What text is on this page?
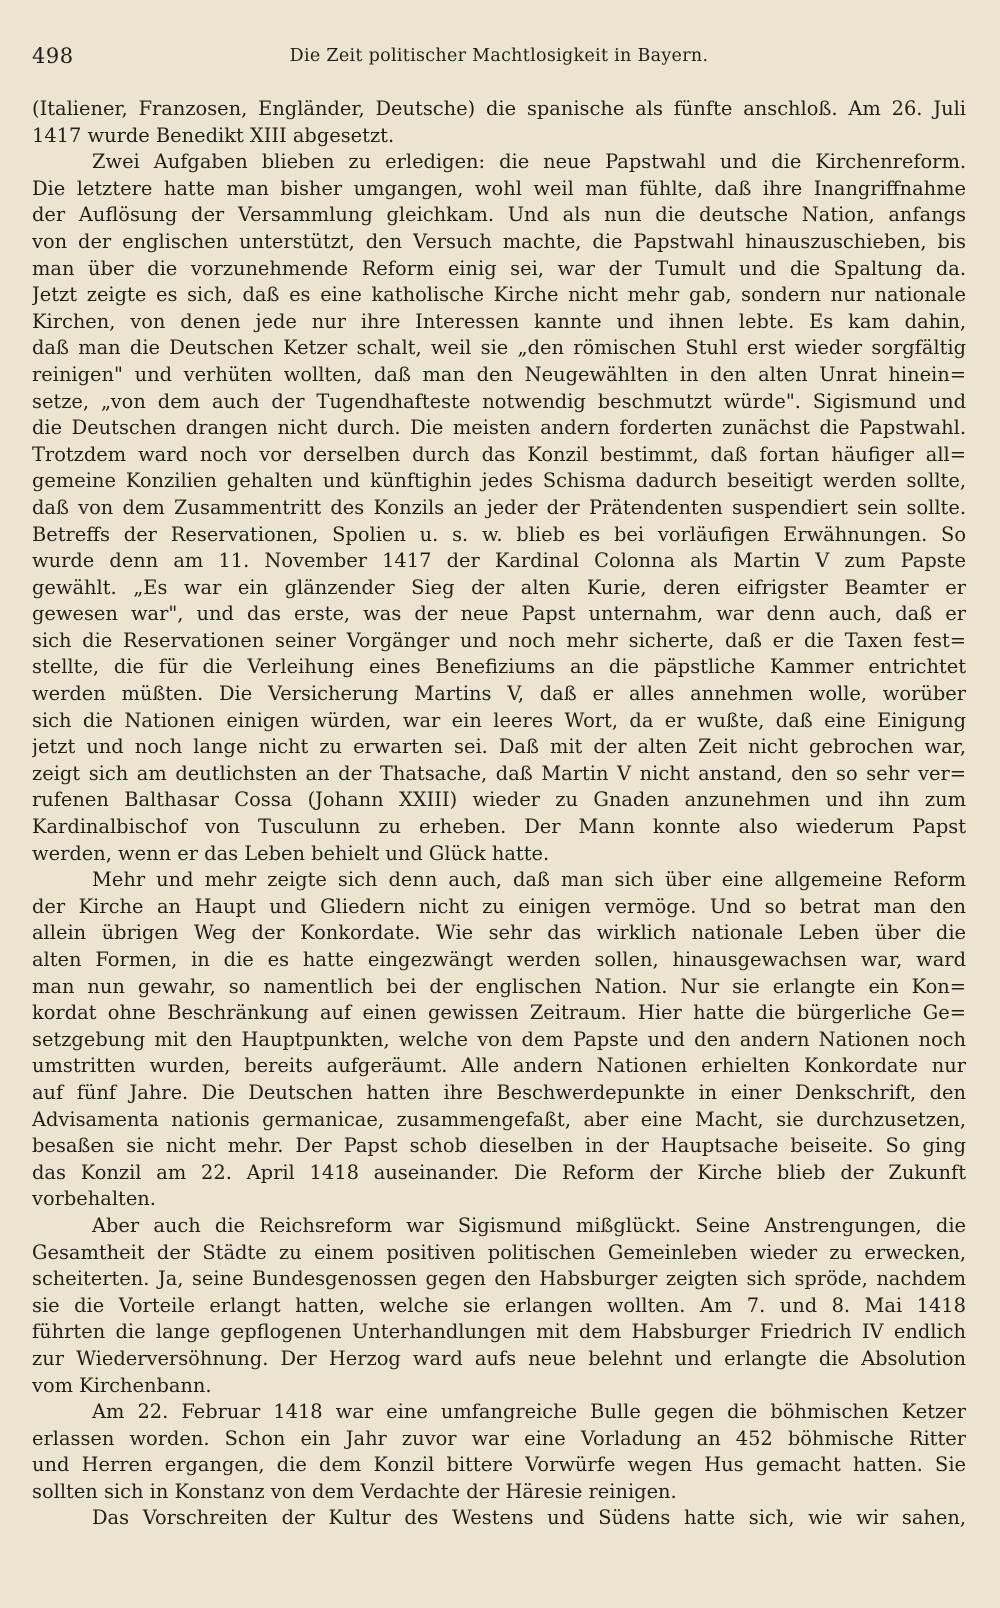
498	Die Zeit politischer Machtlosigkeit in Bayern.
(Italiener, Franzosen, Engländer, Deutsche) die spanische als fünfte anschloß. Am 26. Juli
1417 wurde Benedikt XIII abgesetzt.
Zwei Aufgaben blieben zu erledigen: die neue Papstwahl und die Kirchenreform.
Die letztere hatte man bisher umgangen, wohl weil man fühlte, daß ihre Inangriffnahme
der Auflösung der Versammlung gleichkam. Und als nun die deutsche Nation, anfangs
von der englischen unterstützt, den Versuch machte, die Papstwahl hinauszuschieben, bis
man über die vorzunehmende Reform einig sei, war der Tumult und die Spaltung da.
Jetzt zeigte es sich, daß es eine katholische Kirche nicht mehr gab, sondern nur nationale
Kirchen, von denen jede nur ihre Interessen kannte und ihnen lebte. Es kam dahin,
daß man die Deutschen Ketzer schalt, weil sie „den römischen Stuhl erst wieder sorgfältig
reinigen" und verhüten wollten, daß man den Neugewählten in den alten Unrat hinein=
setze, „von dem auch der Tugendhafteste notwendig beschmutzt würde". Sigismund und
die Deutschen drangen nicht durch. Die meisten andern forderten zunächst die Papstwahl.
Trotzdem ward noch vor derselben durch das Konzil bestimmt, daß fortan häufiger all=
gemeine Konzilien gehalten und künftighin jedes Schisma dadurch beseitigt werden sollte,
daß von dem Zusammentritt des Konzils an jeder der Prätendenten suspendiert sein sollte.
Betreffs der Reservationen, Spolien u. s. w. blieb es bei vorläufigen Erwähnungen. So
wurde denn am 11. November 1417 der Kardinal Colonna als Martin V zum Papste
gewählt. „Es war ein glänzender Sieg der alten Kurie, deren eifrigster Beamter er
gewesen war", und das erste, was der neue Papst unternahm, war denn auch, daß er
sich die Reservationen seiner Vorgänger und noch mehr sicherte, daß er die Taxen fest=
stellte, die für die Verleihung eines Benefiziums an die päpstliche Kammer entrichtet
werden müßten. Die Versicherung Martins V, daß er alles annehmen wolle, worüber
sich die Nationen einigen würden, war ein leeres Wort, da er wußte, daß eine Einigung
jetzt und noch lange nicht zu erwarten sei. Daß mit der alten Zeit nicht gebrochen war,
zeigt sich am deutlichsten an der Thatsache, daß Martin V nicht anstand, den so sehr ver=
rufenen Balthasar Cossa (Johann XXIII) wieder zu Gnaden anzunehmen und ihn zum
Kardinalbischof von Tusculunn zu erheben. Der Mann konnte also wiederum Papst
werden, wenn er das Leben behielt und Glück hatte.
Mehr und mehr zeigte sich denn auch, daß man sich über eine allgemeine Reform
der Kirche an Haupt und Gliedern nicht zu einigen vermöge. Und so betrat man den
allein übrigen Weg der Konkordate. Wie sehr das wirklich nationale Leben über die
alten Formen, in die es hatte eingezwängt werden sollen, hinausgewachsen war, ward
man nun gewahr, so namentlich bei der englischen Nation. Nur sie erlangte ein Kon=
kordat ohne Beschränkung auf einen gewissen Zeitraum. Hier hatte die bürgerliche Ge=
setzgebung mit den Hauptpunkten, welche von dem Papste und den andern Nationen noch
umstritten wurden, bereits aufgeräumt. Alle andern Nationen erhielten Konkordate nur
auf fünf Jahre. Die Deutschen hatten ihre Beschwerdepunkte in einer Denkschrift, den
Advisamenta nationis germanicae, zusammengefaßt, aber eine Macht, sie durchzusetzen,
besaßen sie nicht mehr. Der Papst schob dieselben in der Hauptsache beiseite. So ging
das Konzil am 22. April 1418 auseinander. Die Reform der Kirche blieb der Zukunft
vorbehalten.
Aber auch die Reichsreform war Sigismund mißglückt. Seine Anstrengungen, die
Gesamtheit der Städte zu einem positiven politischen Gemeinleben wieder zu erwecken,
scheiterten. Ja, seine Bundesgenossen gegen den Habsburger zeigten sich spröde, nachdem
sie die Vorteile erlangt hatten, welche sie erlangen wollten. Am 7. und 8. Mai 1418
führten die lange gepflogenen Unterhandlungen mit dem Habsburger Friedrich IV endlich
zur Wiederversöhnung. Der Herzog ward aufs neue belehnt und erlangte die Absolution
vom Kirchenbann.
Am 22. Februar 1418 war eine umfangreiche Bulle gegen die böhmischen Ketzer
erlassen worden. Schon ein Jahr zuvor war eine Vorladung an 452 böhmische Ritter
und Herren ergangen, die dem Konzil bittere Vorwürfe wegen Hus gemacht hatten. Sie
sollten sich in Konstanz von dem Verdachte der Häresie reinigen.
Das Vorschreiten der Kultur des Westens und Südens hatte sich, wie wir sahen,
